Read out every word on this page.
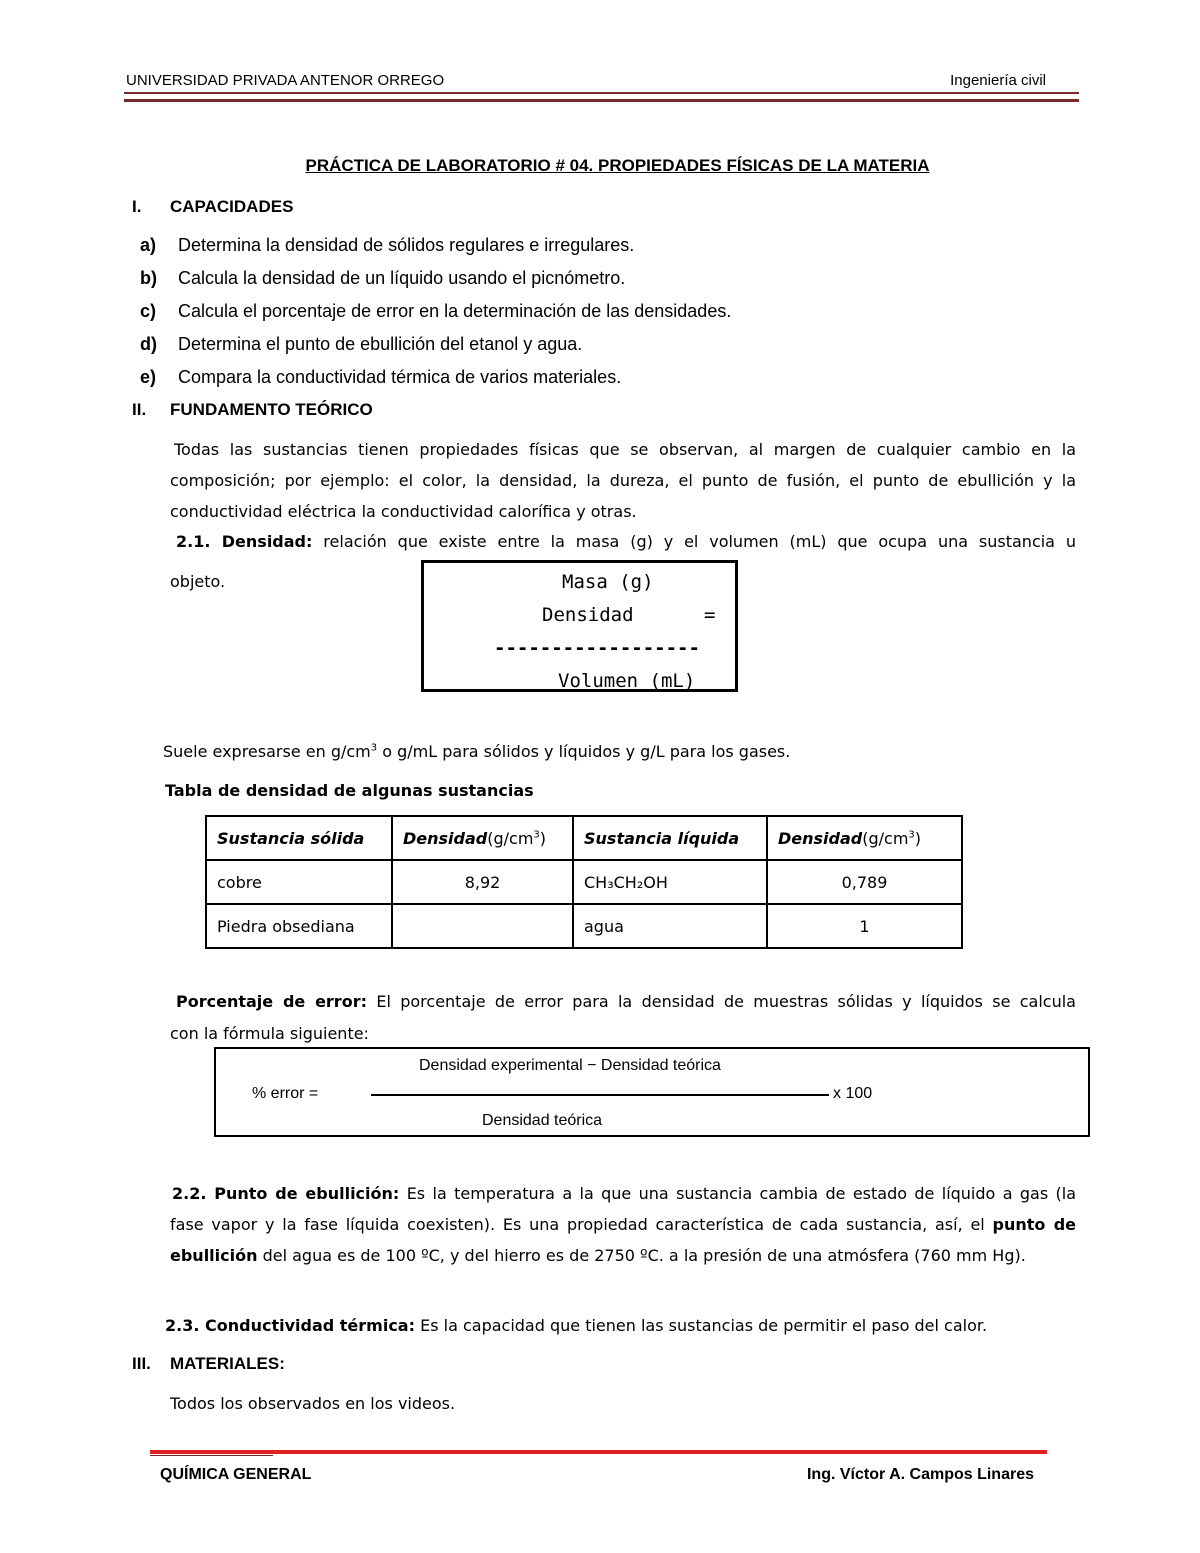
UNIVERSIDAD PRIVADA ANTENOR ORREGO	Ingeniería civil
PRÁCTICA DE LABORATORIO # 04. PROPIEDADES FÍSICAS DE LA MATERIA
I. CAPACIDADES
a) Determina la densidad de sólidos regulares e irregulares.
b) Calcula la densidad de un líquido usando el picnómetro.
c) Calcula el porcentaje de error en la determinación de las densidades.
d) Determina el punto de ebullición del etanol y agua.
e) Compara la conductividad térmica de varios materiales.
II. FUNDAMENTO TEÓRICO
Todas las sustancias tienen propiedades físicas que se observan, al margen de cualquier cambio en la composición; por ejemplo: el color, la densidad, la dureza, el punto de fusión, el punto de ebullición y la conductividad eléctrica la conductividad calorífica y otras.
2.1. Densidad: relación que existe entre la masa (g) y el volumen (mL) que ocupa una sustancia u
objeto.	Masa (g)
Densidad	=
------------------
Volumen (mL)
Suele expresarse en $g/cm^3$ o g/mL para sólidos y líquidos y g/L para los gases.
Tabla de densidad de algunas sustancias
Sustancia sólida	$Densidad(g/cm^3)$	Sustancia líquida	$Densidad(g/cm^3)$
cobre	8,92	CH₃CH₂OH	0,789
Piedra obsediana		agua	1
Porcentaje de error: El porcentaje de error para la densidad de muestras sólidas y líquidos se calcula
con la fórmula siguiente:
Densidad experimental − Densidad teórica
% error =	x 100
Densidad teórica
2.2. Punto de ebullición: Es la temperatura a la que una sustancia cambia de estado de líquido a gas (la
fase vapor y la fase líquida coexisten). Es una propiedad característica de cada sustancia, así, el punto de
ebullición del agua es de 100 ºC, y del hierro es de 2750 ºC. a la presión de una atmósfera (760 mm Hg).
2.3. Conductividad térmica: Es la capacidad que tienen las sustancias de permitir el paso del calor.
III. MATERIALES:
Todos los observados en los videos.
QUÍMICA GENERAL	Ing. Víctor A. Campos Linares
